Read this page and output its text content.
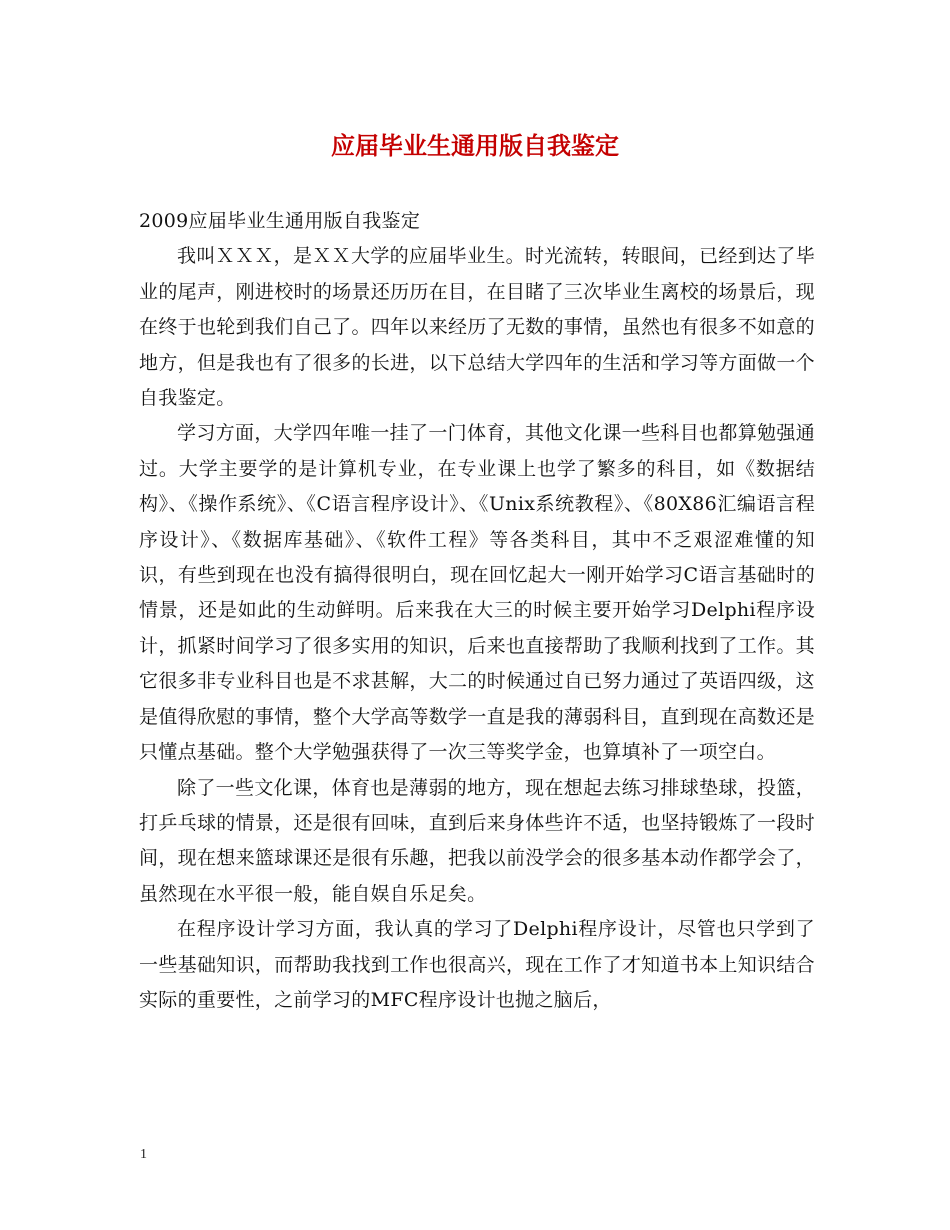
应届毕业生通用版自我鉴定

2009应届毕业生通用版自我鉴定

我叫ＸＸＸ，是ＸＸ大学的应届毕业生。时光流转，转眼间，已经到达了毕业的尾声，刚进校时的场景还历历在目，在目睹了三次毕业生离校的场景后，现在终于也轮到我们自己了。四年以来经历了无数的事情，虽然也有很多不如意的地方，但是我也有了很多的长进，以下总结大学四年的生活和学习等方面做一个自我鉴定。

学习方面，大学四年唯一挂了一门体育，其他文化课一些科目也都算勉强通过。大学主要学的是计算机专业，在专业课上也学了繁多的科目，如《数据结构》、《操作系统》、《C语言程序设计》、《Unix系统教程》、《80X86汇编语言程序设计》、《数据库基础》、《软件工程》等各类科目，其中不乏艰涩难懂的知识，有些到现在也没有搞得很明白，现在回忆起大一刚开始学习C语言基础时的情景，还是如此的生动鲜明。后来我在大三的时候主要开始学习Delphi程序设计，抓紧时间学习了很多实用的知识，后来也直接帮助了我顺利找到了工作。其它很多非专业科目也是不求甚解，大二的时候通过自已努力通过了英语四级，这是值得欣慰的事情，整个大学高等数学一直是我的薄弱科目，直到现在高数还是只懂点基础。整个大学勉强获得了一次三等奖学金，也算填补了一项空白。

除了一些文化课，体育也是薄弱的地方，现在想起去练习排球垫球，投篮，打乒乓球的情景，还是很有回味，直到后来身体些许不适，也坚持锻炼了一段时间，现在想来篮球课还是很有乐趣，把我以前没学会的很多基本动作都学会了，虽然现在水平很一般，能自娱自乐足矣。

在程序设计学习方面，我认真的学习了Delphi程序设计，尽管也只学到了一些基础知识，而帮助我找到工作也很高兴，现在工作了才知道书本上知识结合实际的重要性，之前学习的MFC程序设计也抛之脑后，

1
